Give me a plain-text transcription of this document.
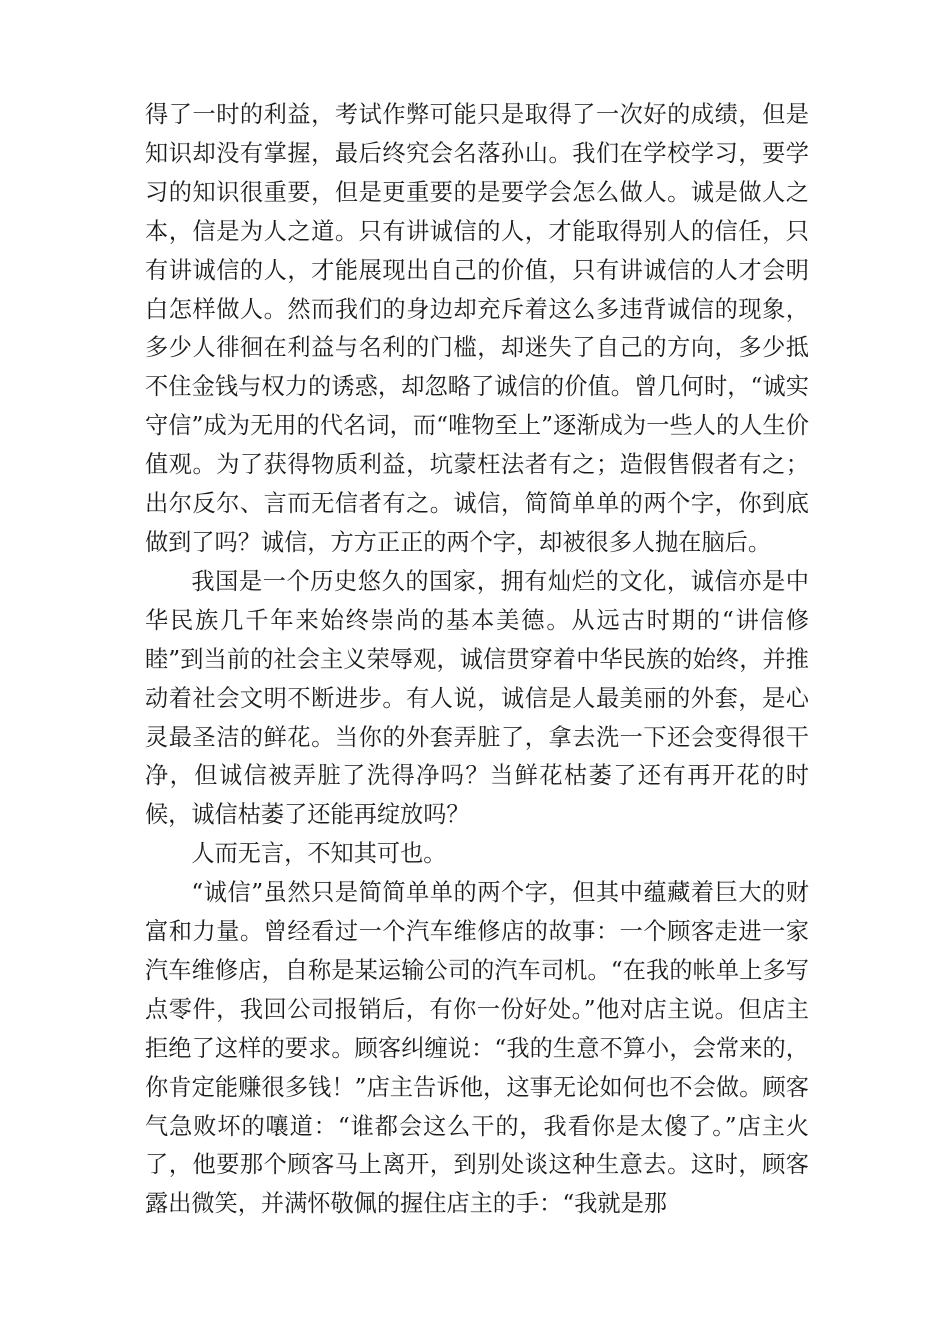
得了一时的利益，考试作弊可能只是取得了一次好的成绩，但是知识却没有掌握，最后终究会名落孙山。我们在学校学习，要学习的知识很重要，但是更重要的是要学会怎么做人。诚是做人之本，信是为人之道。只有讲诚信的人，才能取得别人的信任，只有讲诚信的人，才能展现出自己的价值，只有讲诚信的人才会明白怎样做人。然而我们的身边却充斥着这么多违背诚信的现象，多少人徘徊在利益与名利的门槛，却迷失了自己的方向，多少抵不住金钱与权力的诱惑，却忽略了诚信的价值。曾几何时，“诚实守信”成为无用的代名词，而“唯物至上”逐渐成为一些人的人生价值观。为了获得物质利益，坑蒙枉法者有之；造假售假者有之；出尔反尔、言而无信者有之。诚信，简简单单的两个字，你到底做到了吗？诚信，方方正正的两个字，却被很多人抛在脑后。

我国是一个历史悠久的国家，拥有灿烂的文化，诚信亦是中华民族几千年来始终崇尚的基本美德。从远古时期的“讲信修睦”到当前的社会主义荣辱观，诚信贯穿着中华民族的始终，并推动着社会文明不断进步。有人说，诚信是人最美丽的外套，是心灵最圣洁的鲜花。当你的外套弄脏了，拿去洗一下还会变得很干净，但诚信被弄脏了洗得净吗？当鲜花枯萎了还有再开花的时候，诚信枯萎了还能再绽放吗？

人而无言，不知其可也。

“诚信”虽然只是简简单单的两个字，但其中蕴藏着巨大的财富和力量。曾经看过一个汽车维修店的故事：一个顾客走进一家汽车维修店，自称是某运输公司的汽车司机。“在我的帐单上多写点零件，我回公司报销后，有你一份好处。”他对店主说。但店主拒绝了这样的要求。顾客纠缠说：“我的生意不算小，会常来的，你肯定能赚很多钱！”店主告诉他，这事无论如何也不会做。顾客气急败坏的嚷道：“谁都会这么干的，我看你是太傻了。”店主火了，他要那个顾客马上离开，到别处谈这种生意去。这时，顾客露出微笑，并满怀敬佩的握住店主的手：“我就是那
